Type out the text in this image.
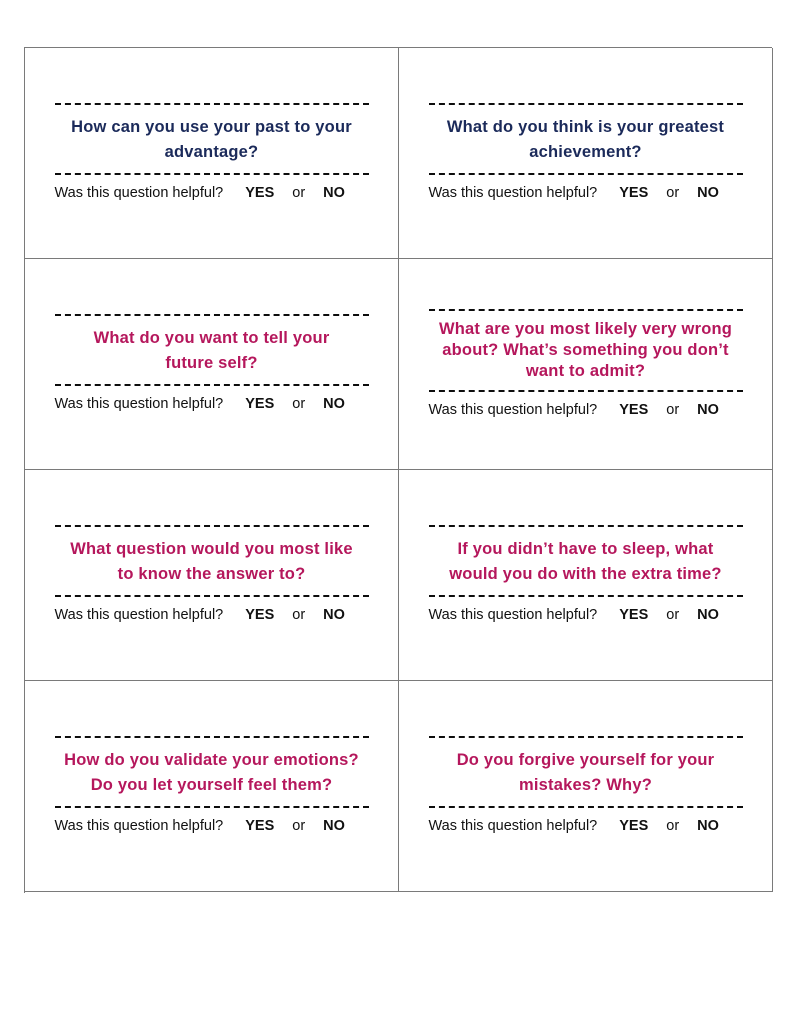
How can you use your past to your
advantage?
Was this question helpful? YES or NO
What do you think is your greatest
achievement?
Was this question helpful? YES or NO
What do you want to tell your
future self?
Was this question helpful? YES or NO
What are you most likely very wrong
about? What’s something you don’t
want to admit?
Was this question helpful? YES or NO
What question would you most like
to know the answer to?
Was this question helpful? YES or NO
If you didn’t have to sleep, what
would you do with the extra time?
Was this question helpful? YES or NO
How do you validate your emotions?
Do you let yourself feel them?
Was this question helpful? YES or NO
Do you forgive yourself for your
mistakes? Why?
Was this question helpful? YES or NO
